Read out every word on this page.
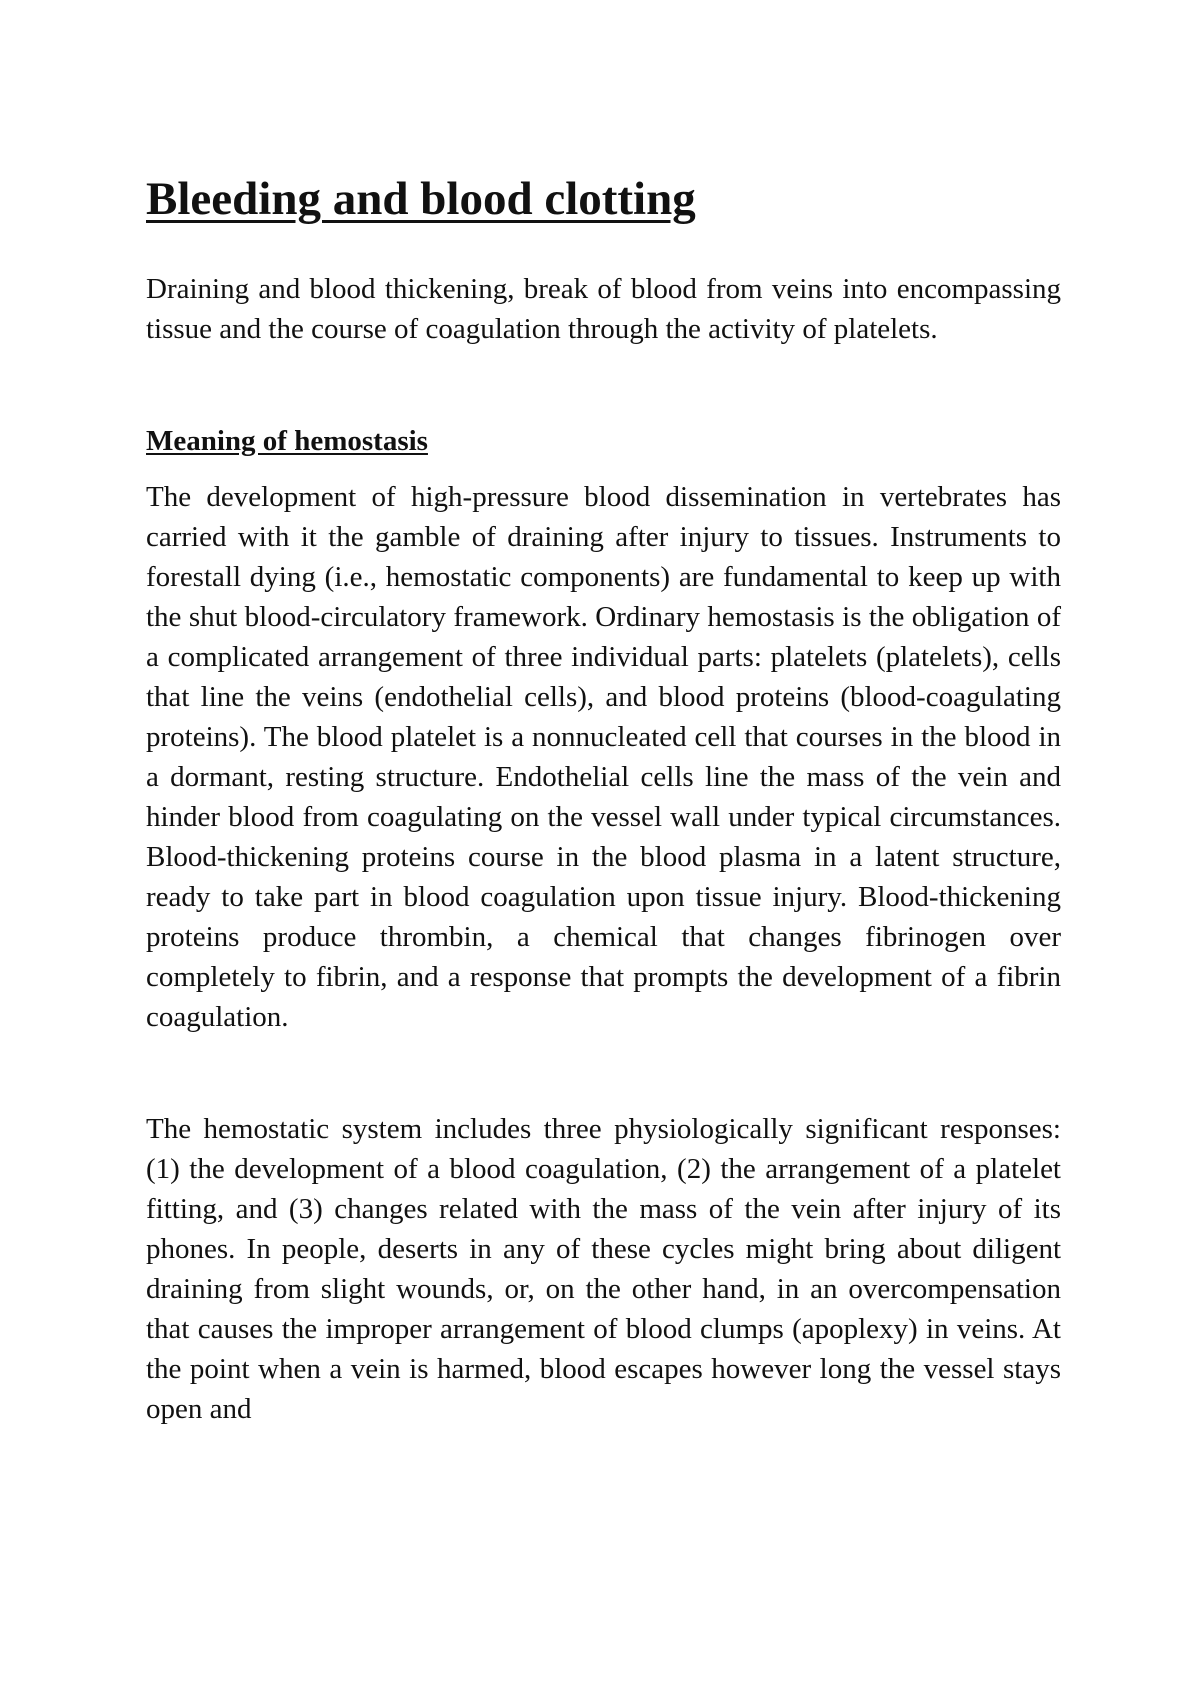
Bleeding and blood clotting

Draining and blood thickening, break of blood from veins into encompassing tissue and the course of coagulation through the activity of platelets.

Meaning of hemostasis

The development of high-pressure blood dissemination in vertebrates has carried with it the gamble of draining after injury to tissues. Instruments to forestall dying (i.e., hemostatic components) are fundamental to keep up with the shut blood-circulatory framework. Ordinary hemostasis is the obligation of a complicated arrangement of three individual parts: platelets (platelets), cells that line the veins (endothelial cells), and blood proteins (blood-coagulating proteins). The blood platelet is a nonnucleated cell that courses in the blood in a dormant, resting structure. Endothelial cells line the mass of the vein and hinder blood from coagulating on the vessel wall under typical circumstances. Blood-thickening proteins course in the blood plasma in a latent structure, ready to take part in blood coagulation upon tissue injury. Blood-thickening proteins produce thrombin, a chemical that changes fibrinogen over completely to fibrin, and a response that prompts the development of a fibrin coagulation.

The hemostatic system includes three physiologically significant responses: (1) the development of a blood coagulation, (2) the arrangement of a platelet fitting, and (3) changes related with the mass of the vein after injury of its phones. In people, deserts in any of these cycles might bring about diligent draining from slight wounds, or, on the other hand, in an overcompensation that causes the improper arrangement of blood clumps (apoplexy) in veins. At the point when a vein is harmed, blood escapes however long the vessel stays open and
